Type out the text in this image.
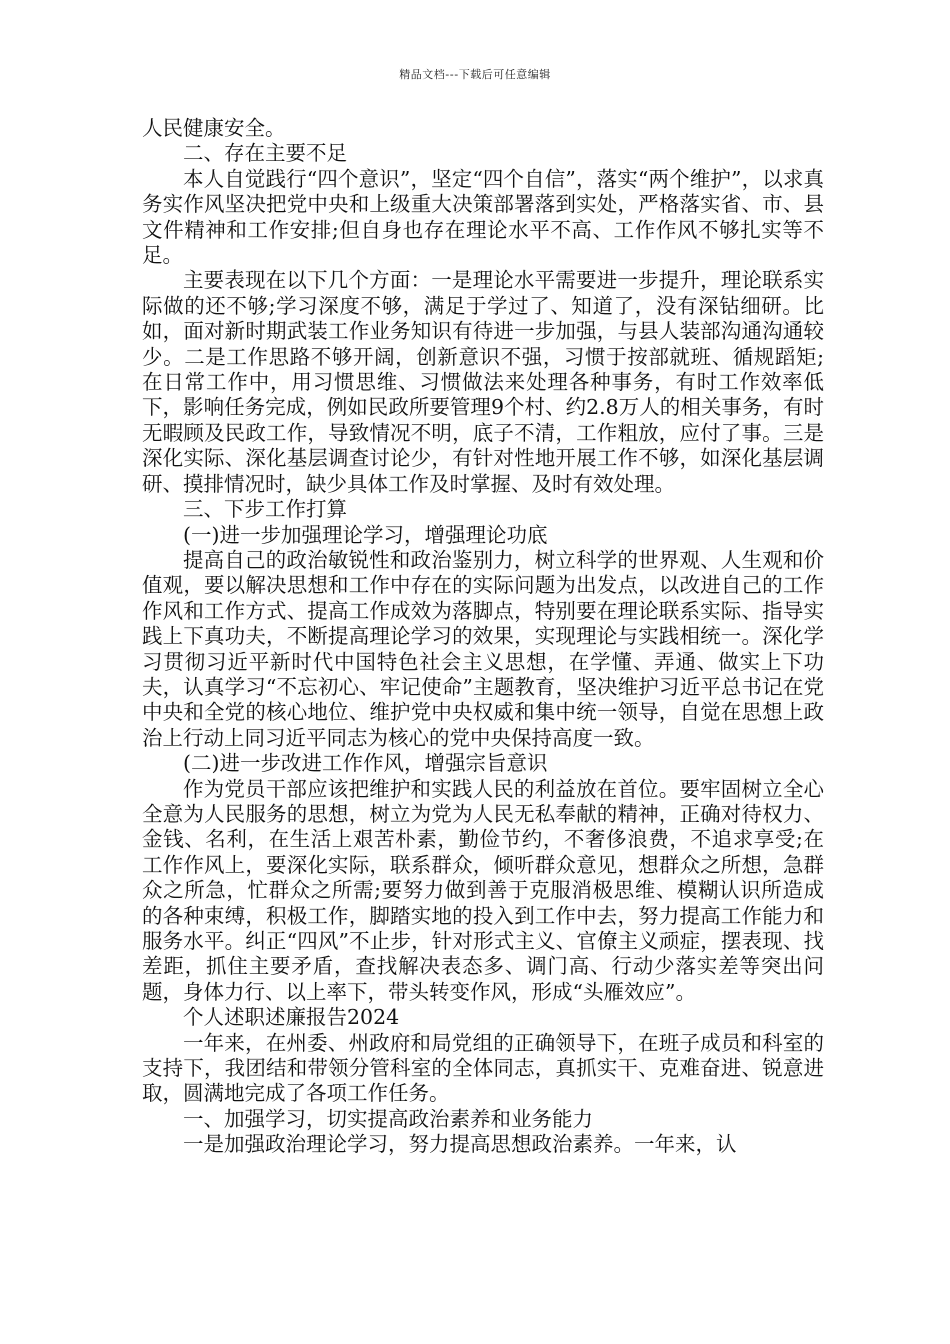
精品文档---下载后可任意编辑

人民健康安全。

二、存在主要不足

本人自觉践行“四个意识”，坚定“四个自信”，落实“两个维护”，以求真务实作风坚决把党中央和上级重大决策部署落到实处，严格落实省、市、县文件精神和工作安排;但自身也存在理论水平不高、工作作风不够扎实等不足。

主要表现在以下几个方面：一是理论水平需要进一步提升，理论联系实际做的还不够;学习深度不够，满足于学过了、知道了，没有深钻细研。比如，面对新时期武装工作业务知识有待进一步加强，与县人装部沟通沟通较少。二是工作思路不够开阔，创新意识不强，习惯于按部就班、循规蹈矩;在日常工作中，用习惯思维、习惯做法来处理各种事务，有时工作效率低下，影响任务完成，例如民政所要管理9个村、约2.8万人的相关事务，有时无暇顾及民政工作，导致情况不明，底子不清，工作粗放，应付了事。三是深化实际、深化基层调查讨论少，有针对性地开展工作不够，如深化基层调研、摸排情况时，缺少具体工作及时掌握、及时有效处理。

三、下步工作打算

(一)进一步加强理论学习，增强理论功底

提高自己的政治敏锐性和政治鉴别力，树立科学的世界观、人生观和价值观，要以解决思想和工作中存在的实际问题为出发点，以改进自己的工作作风和工作方式、提高工作成效为落脚点，特别要在理论联系实际、指导实践上下真功夫，不断提高理论学习的效果，实现理论与实践相统一。深化学习贯彻习近平新时代中国特色社会主义思想，在学懂、弄通、做实上下功夫，认真学习“不忘初心、牢记使命”主题教育，坚决维护习近平总书记在党中央和全党的核心地位、维护党中央权威和集中统一领导，自觉在思想上政治上行动上同习近平同志为核心的党中央保持高度一致。

(二)进一步改进工作作风，增强宗旨意识

作为党员干部应该把维护和实践人民的利益放在首位。要牢固树立全心全意为人民服务的思想，树立为党为人民无私奉献的精神，正确对待权力、金钱、名利，在生活上艰苦朴素，勤俭节约，不奢侈浪费，不追求享受;在工作作风上，要深化实际，联系群众，倾听群众意见，想群众之所想，急群众之所急，忙群众之所需;要努力做到善于克服消极思维、模糊认识所造成的各种束缚，积极工作，脚踏实地的投入到工作中去，努力提高工作能力和服务水平。纠正“四风”不止步，针对形式主义、官僚主义顽症，摆表现、找差距，抓住主要矛盾，查找解决表态多、调门高、行动少落实差等突出问题，身体力行、以上率下，带头转变作风，形成“头雁效应”。

个人述职述廉报告2024

一年来，在州委、州政府和局党组的正确领导下，在班子成员和科室的支持下，我团结和带领分管科室的全体同志，真抓实干、克难奋进、锐意进取，圆满地完成了各项工作任务。

一、加强学习，切实提高政治素养和业务能力

一是加强政治理论学习，努力提高思想政治素养。一年来，认
